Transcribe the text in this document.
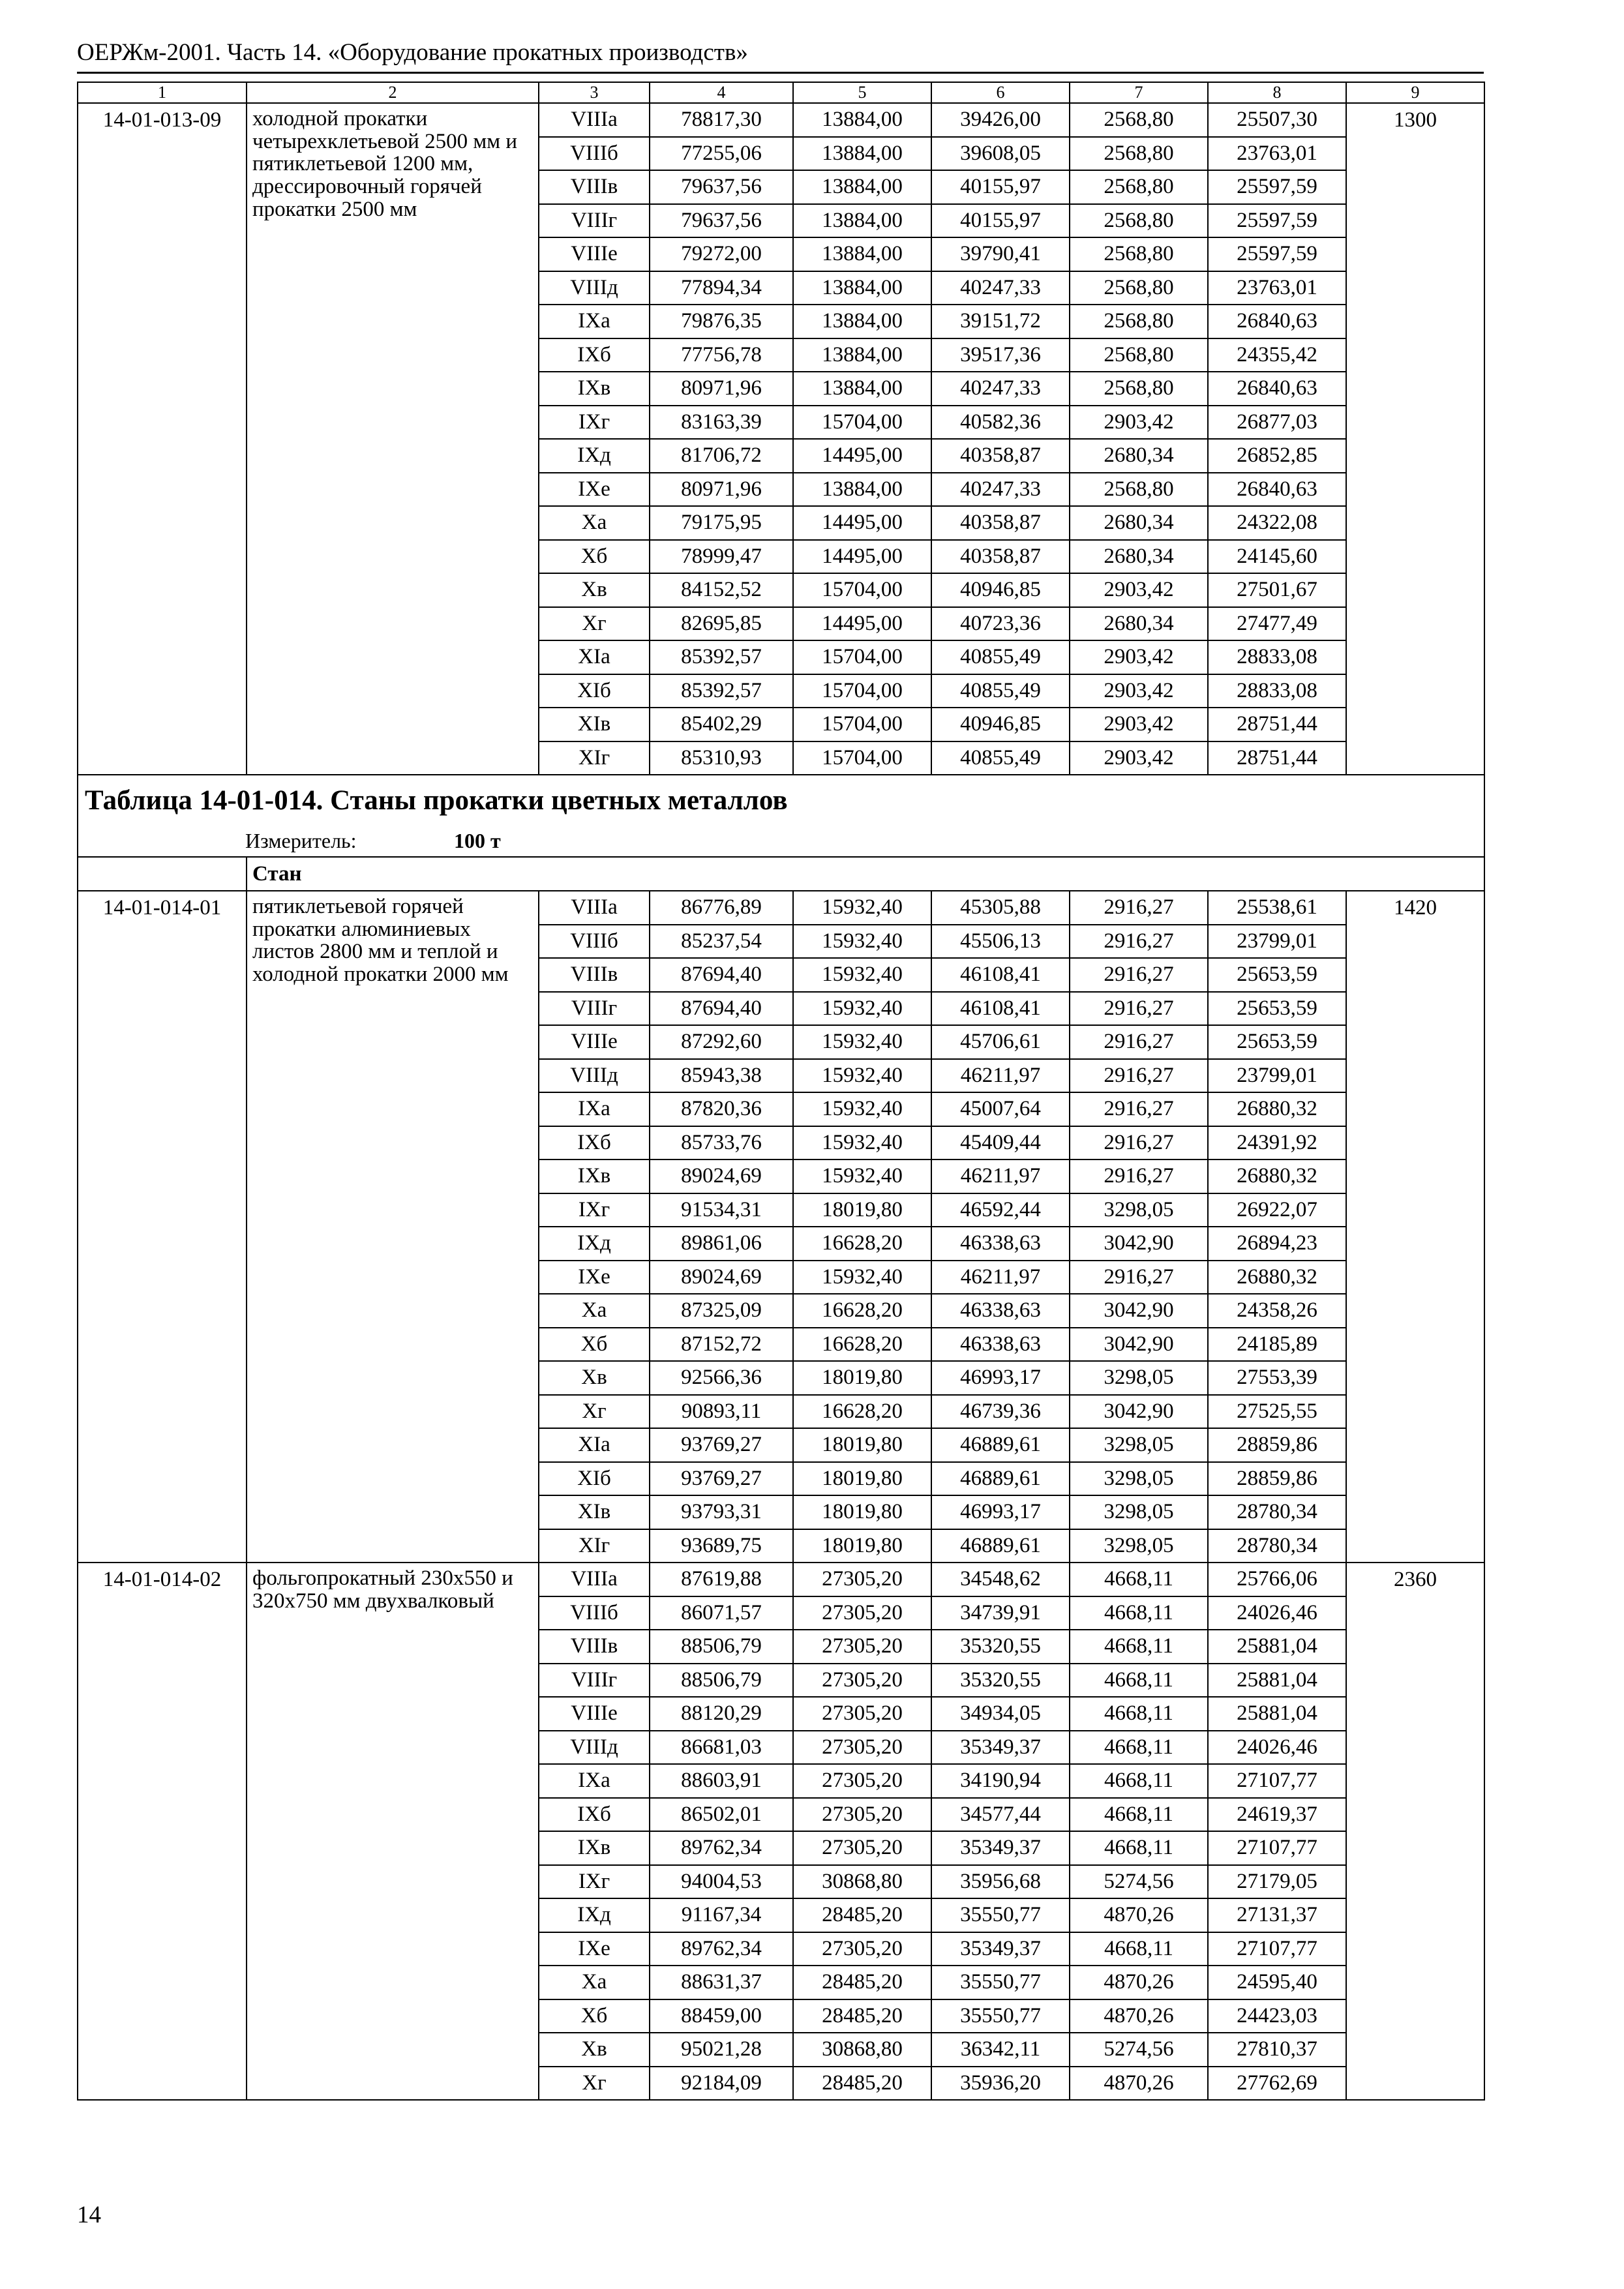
ОЕРЖм-2001. Часть 14. «Оборудование прокатных производств»
1	2	3	4	5	6	7	8	9
14-01-013-09	холодной прокатки четырехклетьевой 2500 мм и пятиклетьевой 1200 мм, дрессировочный горячей прокатки 2500 мм	VIIIа	78817,30	13884,00	39426,00	2568,80	25507,30	1300
		VIIIб	77255,06	13884,00	39608,05	2568,80	23763,01	
		VIIIв	79637,56	13884,00	40155,97	2568,80	25597,59	
		VIIIг	79637,56	13884,00	40155,97	2568,80	25597,59	
		VIIIе	79272,00	13884,00	39790,41	2568,80	25597,59	
		VIIIд	77894,34	13884,00	40247,33	2568,80	23763,01	
		IXа	79876,35	13884,00	39151,72	2568,80	26840,63	
		IXб	77756,78	13884,00	39517,36	2568,80	24355,42	
		IXв	80971,96	13884,00	40247,33	2568,80	26840,63	
		IXг	83163,39	15704,00	40582,36	2903,42	26877,03	
		IXд	81706,72	14495,00	40358,87	2680,34	26852,85	
		IXе	80971,96	13884,00	40247,33	2568,80	26840,63	
		Xа	79175,95	14495,00	40358,87	2680,34	24322,08	
		Xб	78999,47	14495,00	40358,87	2680,34	24145,60	
		Xв	84152,52	15704,00	40946,85	2903,42	27501,67	
		Xг	82695,85	14495,00	40723,36	2680,34	27477,49	
		XIа	85392,57	15704,00	40855,49	2903,42	28833,08	
		XIб	85392,57	15704,00	40855,49	2903,42	28833,08	
		XIв	85402,29	15704,00	40946,85	2903,42	28751,44	
		XIг	85310,93	15704,00	40855,49	2903,42	28751,44	
Таблица 14-01-014. Станы прокатки цветных металлов								
Измеритель: 100 т								
	Стан							
14-01-014-01	пятиклетьевой горячей прокатки алюминиевых листов 2800 мм и теплой и холодной прокатки 2000 мм	VIIIа	86776,89	15932,40	45305,88	2916,27	25538,61	1420
		VIIIб	85237,54	15932,40	45506,13	2916,27	23799,01	
		VIIIв	87694,40	15932,40	46108,41	2916,27	25653,59	
		VIIIг	87694,40	15932,40	46108,41	2916,27	25653,59	
		VIIIе	87292,60	15932,40	45706,61	2916,27	25653,59	
		VIIIд	85943,38	15932,40	46211,97	2916,27	23799,01	
		IXа	87820,36	15932,40	45007,64	2916,27	26880,32	
		IXб	85733,76	15932,40	45409,44	2916,27	24391,92	
		IXв	89024,69	15932,40	46211,97	2916,27	26880,32	
		IXг	91534,31	18019,80	46592,44	3298,05	26922,07	
		IXд	89861,06	16628,20	46338,63	3042,90	26894,23	
		IXе	89024,69	15932,40	46211,97	2916,27	26880,32	
		Xа	87325,09	16628,20	46338,63	3042,90	24358,26	
		Xб	87152,72	16628,20	46338,63	3042,90	24185,89	
		Xв	92566,36	18019,80	46993,17	3298,05	27553,39	
		Xг	90893,11	16628,20	46739,36	3042,90	27525,55	
		XIа	93769,27	18019,80	46889,61	3298,05	28859,86	
		XIб	93769,27	18019,80	46889,61	3298,05	28859,86	
		XIв	93793,31	18019,80	46993,17	3298,05	28780,34	
		XIг	93689,75	18019,80	46889,61	3298,05	28780,34	
14-01-014-02	фольгопрокатный 230х550 и 320х750 мм двухвалковый	VIIIа	87619,88	27305,20	34548,62	4668,11	25766,06	2360
		VIIIб	86071,57	27305,20	34739,91	4668,11	24026,46	
		VIIIв	88506,79	27305,20	35320,55	4668,11	25881,04	
		VIIIг	88506,79	27305,20	35320,55	4668,11	25881,04	
		VIIIе	88120,29	27305,20	34934,05	4668,11	25881,04	
		VIIIд	86681,03	27305,20	35349,37	4668,11	24026,46	
		IXа	88603,91	27305,20	34190,94	4668,11	27107,77	
		IXб	86502,01	27305,20	34577,44	4668,11	24619,37	
		IXв	89762,34	27305,20	35349,37	4668,11	27107,77	
		IXг	94004,53	30868,80	35956,68	5274,56	27179,05	
		IXд	91167,34	28485,20	35550,77	4870,26	27131,37	
		IXе	89762,34	27305,20	35349,37	4668,11	27107,77	
		Xа	88631,37	28485,20	35550,77	4870,26	24595,40	
		Xб	88459,00	28485,20	35550,77	4870,26	24423,03	
		Xв	95021,28	30868,80	36342,11	5274,56	27810,37	
		Xг	92184,09	28485,20	35936,20	4870,26	27762,69	
14
